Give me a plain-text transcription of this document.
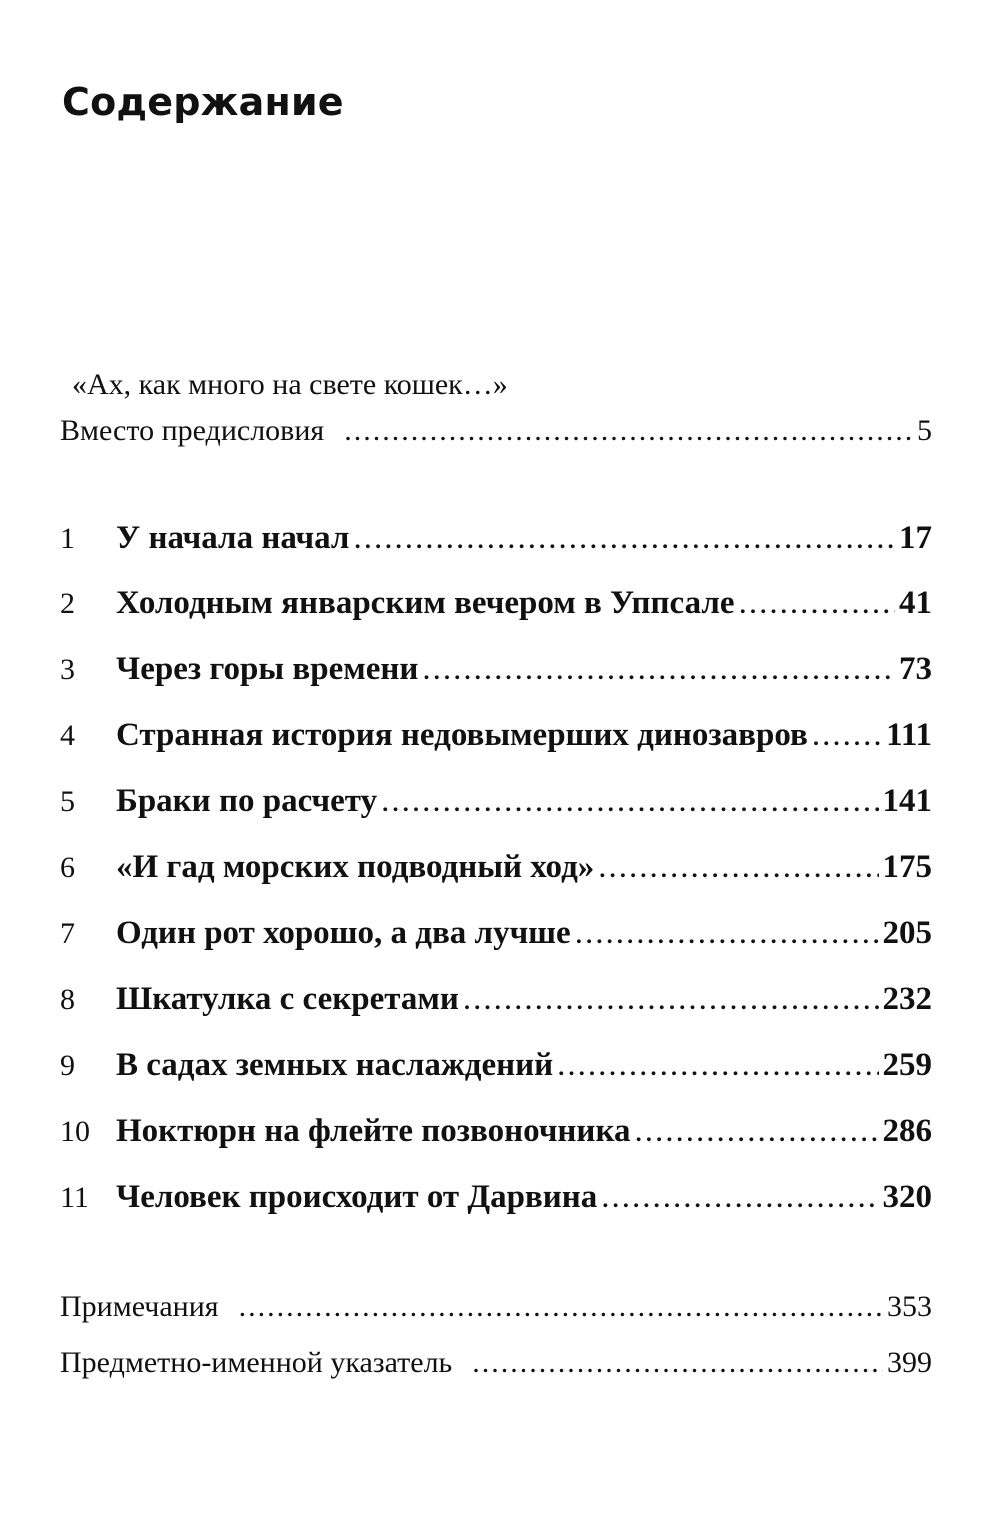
Содержание
«Ах, как много на свете кошек…»
Вместо предисловия .....	5
1	У начала начал .....	17
2	Холодным январским вечером в Уппсале .....	41
3	Через горы времени .....	73
4	Странная история недовымерших динозавров ..... 111
5	Браки по расчету .....	141
6	«И гад морских подводный ход» .....	175
7	Один рот хорошо, а два лучше .....	205
8	Шкатулка с секретами .....	232
9	В садах земных наслаждений .....	259
10 Ноктюрн на флейте позвоночника .....	286
11 Человек происходит от Дарвина .....	320
Примечания .....	353
Предметно-именной указатель .....	399
